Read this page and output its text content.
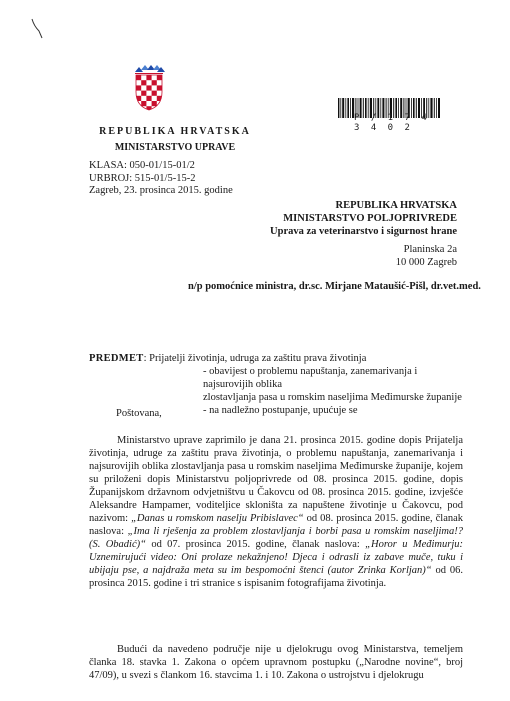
P / 1 7 4 3 4 0 2
REPUBLIKA HRVATSKA
MINISTARSTVO UPRAVE
KLASA: 050-01/15-01/2
URBROJ: 515-01/5-15-2
Zagreb, 23. prosinca 2015. godine
REPUBLIKA HRVATSKA
MINISTARSTVO POLJOPRIVREDE
Uprava za veterinarstvo i sigurnost hrane
Planinska 2a
10 000 Zagreb
n/p pomoćnice ministra, dr.sc. Mirjane Mataušić-Pišl, dr.vet.med.
PREDMET: Prijatelji životinja, udruga za zaštitu prava životinja
- obavijest o problemu napuštanja, zanemarivanja i najsurovijih oblika
zlostavljanja pasa u romskim naseljima Međimurske županije
- na nadležno postupanje, upućuje se
Poštovana,
Ministarstvo uprave zaprimilo je dana 21. prosinca 2015. godine dopis Prijatelja životinja, udruge za zaštitu prava životinja, o problemu napuštanja, zanemarivanja i najsurovijih oblika zlostavljanja pasa u romskim naseljima Međimurske županije, kojem su priloženi dopis Ministarstvu poljoprivrede od 08. prosinca 2015. godine, dopis Županijskom državnom odvjetništvu u Čakovcu od 08. prosinca 2015. godine, izvješće Aleksandre Hampamer, voditeljice skloništa za napuštene životinje u Čakovcu, pod nazivom: „Danas u romskom naselju Pribislavec“ od 08. prosinca 2015. godine, članak naslova: „Ima li rješenja za problem zlostavljanja i borbi pasa u romskim naseljima!? (S. Obadić)“ od 07. prosinca 2015. godine, članak naslova: „Horor u Međimurju: Uznemirujući video: Oni prolaze nekažnjeno! Djeca i odrasli iz zabave muče, tuku i ubijaju pse, a najdraža meta su im bespomoćni štenci (autor Zrinka Korljan)“ od 06. prosinca 2015. godine i tri stranice s ispisanim fotografijama životinja.
Budući da navedeno područje nije u djelokrugu ovog Ministarstva, temeljem članka 18. stavka 1. Zakona o općem upravnom postupku („Narodne novine“, broj 47/09), u svezi s člankom 16. stavcima 1. i 10. Zakona o ustrojstvu i djelokrugu
